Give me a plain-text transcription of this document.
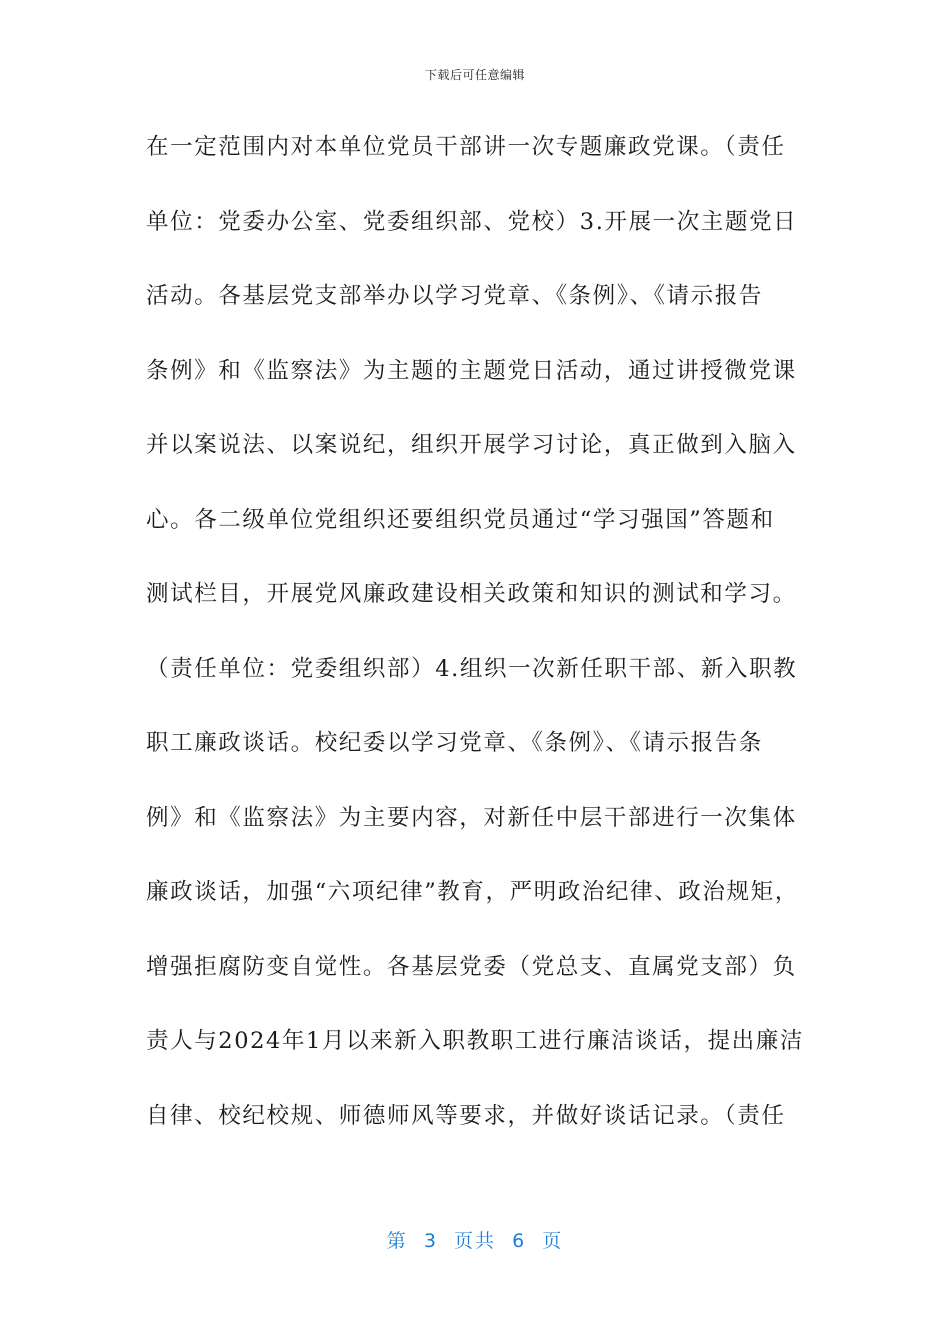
下载后可任意编辑
在一定范围内对本单位党员干部讲一次专题廉政党课。（责任
单位：党委办公室、党委组织部、党校）3.开展一次主题党日
活动。各基层党支部举办以学习党章、《条例》、《请示报告
条例》和《监察法》为主题的主题党日活动，通过讲授微党课
并以案说法、以案说纪，组织开展学习讨论，真正做到入脑入
心。各二级单位党组织还要组织党员通过“学习强国”答题和
测试栏目，开展党风廉政建设相关政策和知识的测试和学习。
（责任单位：党委组织部）4.组织一次新任职干部、新入职教
职工廉政谈话。校纪委以学习党章、《条例》、《请示报告条
例》和《监察法》为主要内容，对新任中层干部进行一次集体
廉政谈话，加强“六项纪律”教育，严明政治纪律、政治规矩，
增强拒腐防变自觉性。各基层党委（党总支、直属党支部）负
责人与2024年1月以来新入职教职工进行廉洁谈话，提出廉洁
自律、校纪校规、师德师风等要求，并做好谈话记录。（责任
第  3  页共  6  页
